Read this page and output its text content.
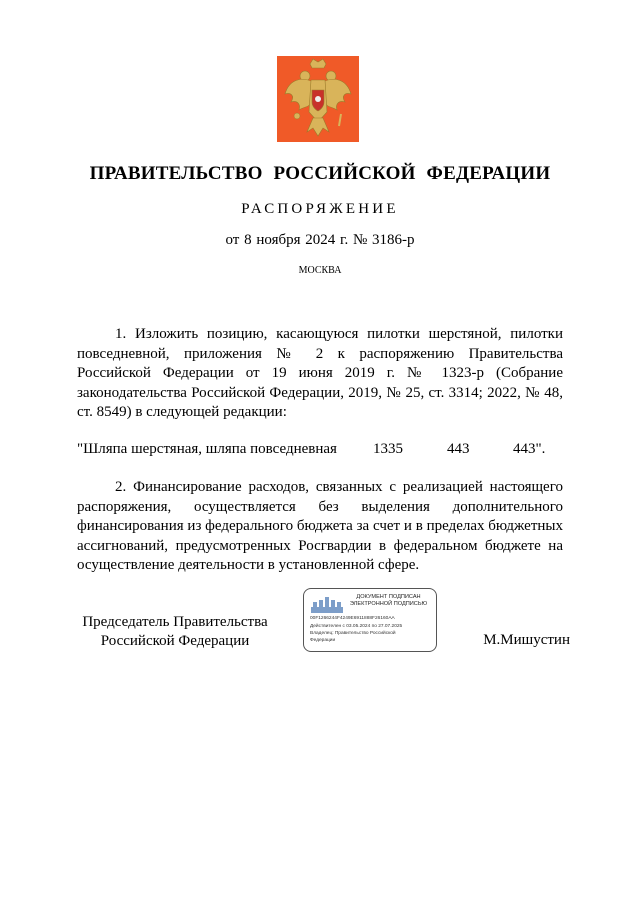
ПРАВИТЕЛЬСТВО РОССИЙСКОЙ ФЕДЕРАЦИИ
РАСПОРЯЖЕНИЕ
от 8 ноября 2024 г. № 3186-р
МОСКВА
1. Изложить позицию, касающуюся пилотки шерстяной, пилотки повседневной, приложения № 2 к распоряжению Правительства Российской Федерации от 19 июня 2019 г. № 1323-р (Собрание законодательства Российской Федерации, 2019, № 25, ст. 3314; 2022, № 48, ст. 8549) в следующей редакции:
"Шляпа шерстяная, шляпа повседневная 1335	443	443".
2. Финансирование расходов, связанных с реализацией настоящего распоряжения, осуществляется без выделения дополнительного финансирования из федерального бюджета за счет и в пределах бюджетных ассигнований, предусмотренных Росгвардии в федеральном бюджете на осуществление деятельности в установленной сфере.
Председатель Правительства
Российской Федерации
ДОКУМЕНТ ПОДПИСАН
ЭЛЕКТРОННОЙ ПОДПИСЬЮ
00F1266244F4249E6911888F26160AA
Действителен с 03.05.2024 по 27.07.2025
Владелец: Правительство Российской
Федерации	М.Мишустин
